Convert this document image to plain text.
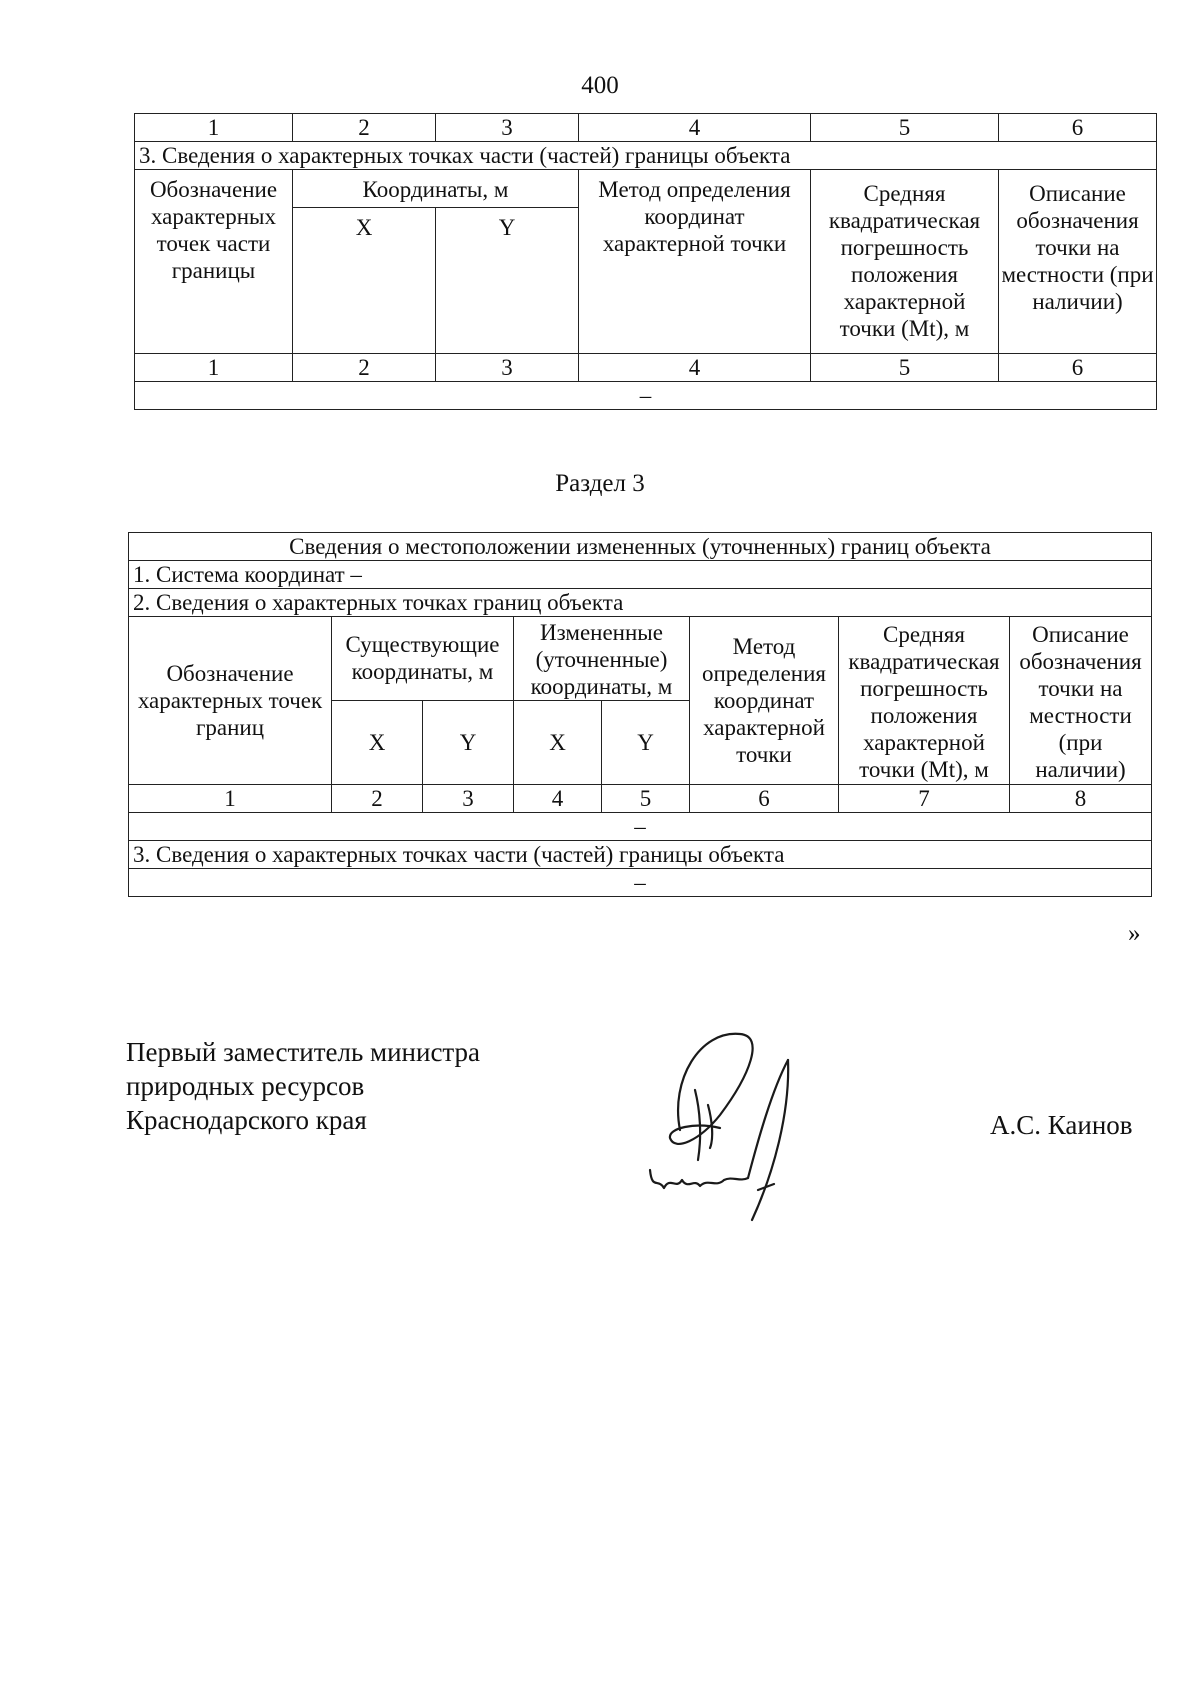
400
1	2	3	4	5	6
3. Сведения о характерных точках части (частей) границы объекта					
Обозначение характерных точек части границы	Координаты, м		Метод определения координат характерной точки	Средняя квадратическая погрешность положения характерной точки (Mt), м	Описание обозначения точки на местности (при наличии)
	X	Y			
1	2	3	4	5	6
–					
Раздел 3
Сведения о местоположении измененных (уточненных) границ объекта							
1. Система координат –							
2. Сведения о характерных точках границ объекта							
Обозначение характерных точек границ	Существующие координаты, м		Измененные (уточненные) координаты, м		Метод определения координат характерной точки	Средняя квадратическая погрешность положения характерной точки (Mt), м	Описание обозначения точки на местности (при наличии)
	X	Y	X	Y			
1	2	3	4	5	6	7	8
–							
3. Сведения о характерных точках части (частей) границы объекта							
–							
»
Первый заместитель министра
природных ресурсов
Краснодарского края	А.С. Каинов
